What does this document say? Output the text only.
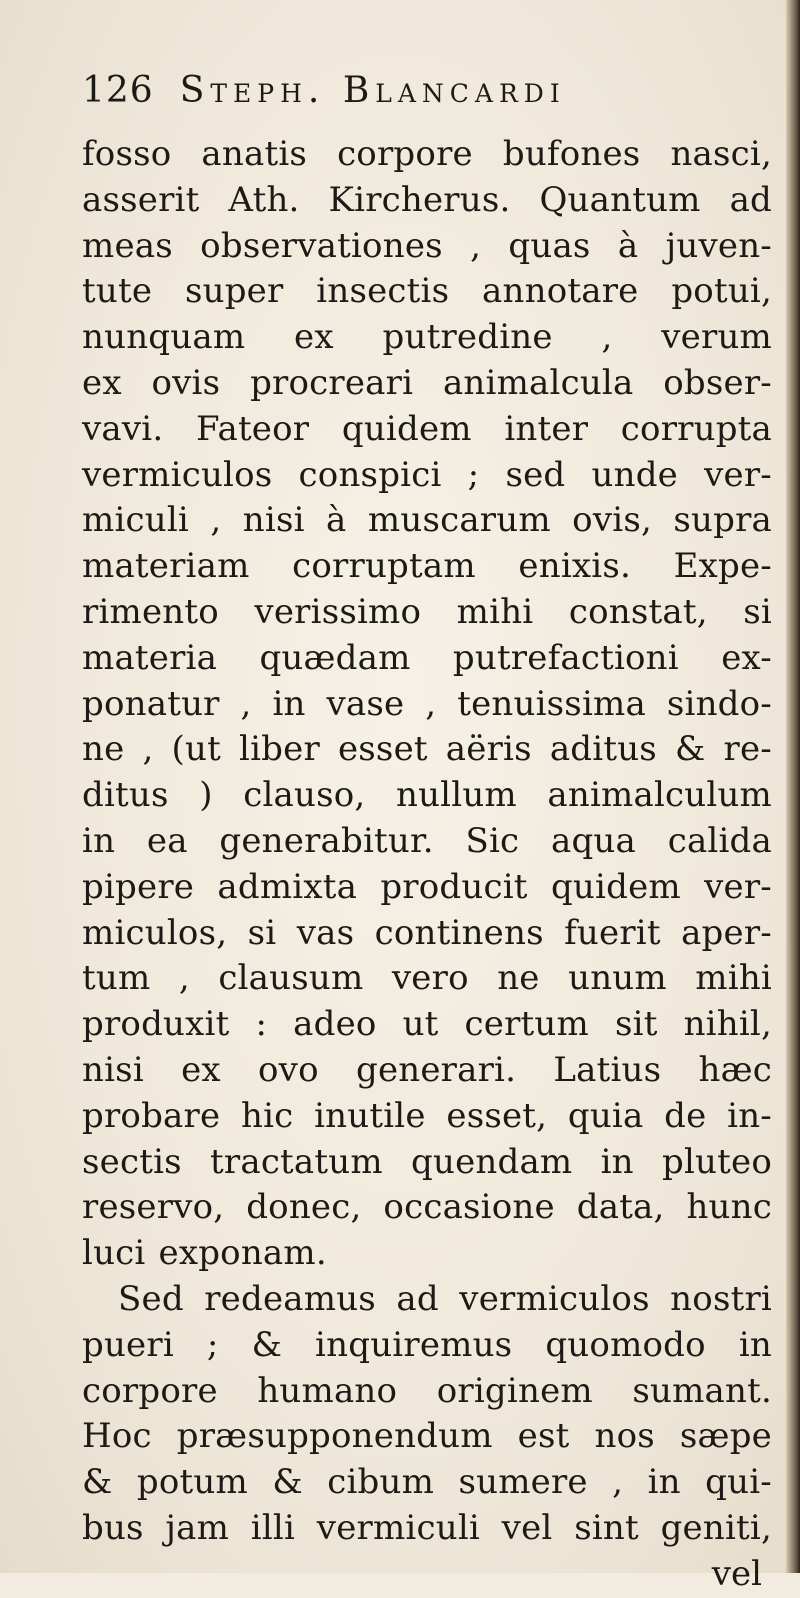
126 Steph. Blancardi
fosso anatis corpore bufones nasci,
asserit Ath. Kircherus. Quantum ad
meas observationes , quas à juven-
tute super insectis annotare potui,
nunquam ex putredine , verum
ex ovis procreari animalcula obser-
vavi. Fateor quidem inter corrupta
vermiculos conspici ; sed unde ver-
miculi , nisi à muscarum ovis, supra
materiam corruptam enixis. Expe-
rimento verissimo mihi constat, si
materia quædam putrefactioni ex-
ponatur , in vase , tenuissima sindo-
ne , (ut liber esset aëris aditus & re-
ditus ) clauso, nullum animalculum
in ea generabitur. Sic aqua calida
pipere admixta producit quidem ver-
miculos, si vas continens fuerit aper-
tum , clausum vero ne unum mihi
produxit : adeo ut certum sit nihil,
nisi ex ovo generari. Latius hæc
probare hic inutile esset, quia de in-
sectis tractatum quendam in pluteo
reservo, donec, occasione data, hunc
luci exponam.
Sed redeamus ad vermiculos nostri
pueri ; & inquiremus quomodo in
corpore humano originem sumant.
Hoc præsupponendum est nos sæpe
& potum & cibum sumere , in qui-
bus jam illi vermiculi vel sint geniti,
vel
